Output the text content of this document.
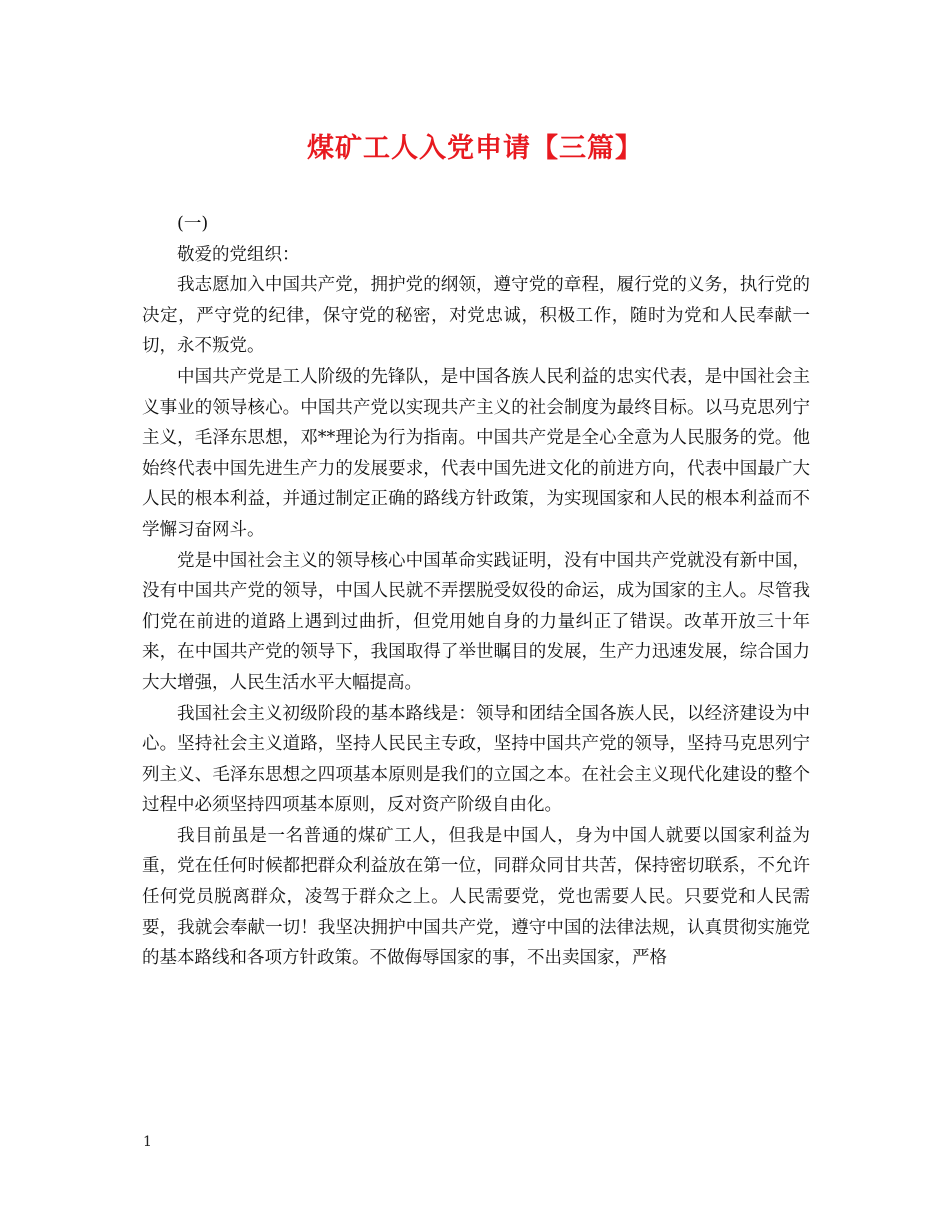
煤矿工人入党申请【三篇】

(一)

敬爱的党组织：

我志愿加入中国共产党，拥护党的纲领，遵守党的章程，履行党的义务，执行党的决定，严守党的纪律，保守党的秘密，对党忠诚，积极工作，随时为党和人民奉献一切，永不叛党。

中国共产党是工人阶级的先锋队，是中国各族人民利益的忠实代表，是中国社会主义事业的领导核心。中国共产党以实现共产主义的社会制度为最终目标。以马克思列宁主义，毛泽东思想，邓**理论为行为指南。中国共产党是全心全意为人民服务的党。他始终代表中国先进生产力的发展要求，代表中国先进文化的前进方向，代表中国最广大人民的根本利益，并通过制定正确的路线方针政策，为实现国家和人民的根本利益而不学懈习奋网斗。

党是中国社会主义的领导核心中国革命实践证明，没有中国共产党就没有新中国，没有中国共产党的领导，中国人民就不弄摆脱受奴役的命运，成为国家的主人。尽管我们党在前进的道路上遇到过曲折，但党用她自身的力量纠正了错误。改革开放三十年来，在中国共产党的领导下，我国取得了举世瞩目的发展，生产力迅速发展，综合国力大大增强，人民生活水平大幅提高。

我国社会主义初级阶段的基本路线是：领导和团结全国各族人民，以经济建设为中心。坚持社会主义道路，坚持人民民主专政，坚持中国共产党的领导，坚持马克思列宁列主义、毛泽东思想之四项基本原则是我们的立国之本。在社会主义现代化建设的整个过程中必须坚持四项基本原则，反对资产阶级自由化。

我目前虽是一名普通的煤矿工人，但我是中国人，身为中国人就要以国家利益为重，党在任何时候都把群众利益放在第一位，同群众同甘共苦，保持密切联系，不允许任何党员脱离群众，凌驾于群众之上。人民需要党，党也需要人民。只要党和人民需要，我就会奉献一切！我坚决拥护中国共产党，遵守中国的法律法规，认真贯彻实施党的基本路线和各项方针政策。不做侮辱国家的事，不出卖国家，严格

1
